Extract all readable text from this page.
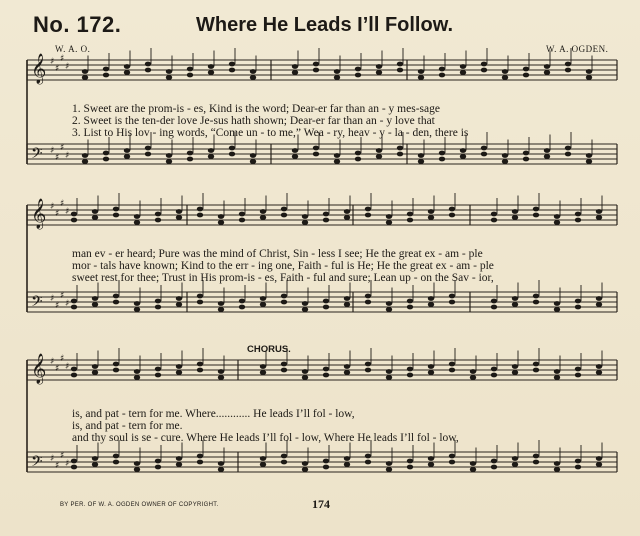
No. 172.	Where He Leads I’ll Follow.
W. A. O.	W. A. OGDEN.
𝄞 ♯
♯
♯
♯
𝄢 ♯
♯
♯
♯
𝄞 ♯
♯
♯
♯
𝄢 ♯
♯
♯
♯
𝄞 ♯
♯
♯
♯
𝄢 ♯
♯
♯
♯
1. Sweet are the prom-is - es, Kind is the word; Dear-er far than an - y mes-sage
2. Sweet is the ten-der love Je-sus hath shown; Dear-er far than an - y love that
3. List to His lov - ing words, “Come un - to me,” Wea - ry, heav - y - la - den, there is
man ev - er heard; Pure was the mind of Christ, Sin - less I see; He the great ex - am - ple
mor - tals have known; Kind to the err - ing one, Faith - ful is He; He the great ex - am - ple
sweet rest for thee; Trust in His prom-is - es, Faith - ful and sure; Lean up - on the Sav - ior,
CHORUS.
is, and pat - tern for me. Where............ He leads I’ll fol - low,
is, and pat - tern for me.
and thy soul is se - cure. Where He leads I’ll fol - low, Where He leads I’ll fol - low,
BY PER. OF W. A. OGDEN OWNER OF COPYRIGHT.	174
